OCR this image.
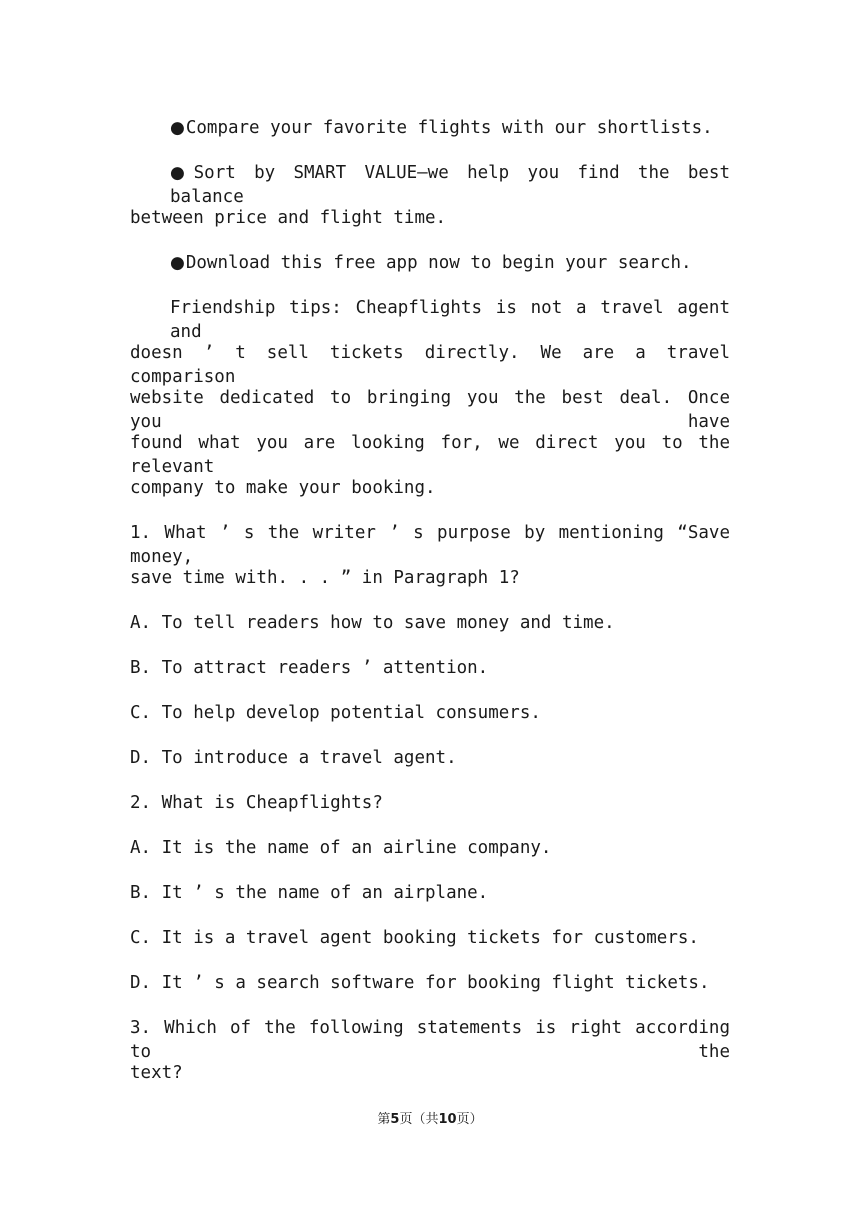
●Compare your favorite flights with our shortlists.
●Sort by SMART VALUE—we help you find the best balance
between price and flight time.
●Download this free app now to begin your search.
Friendship tips: Cheapflights is not a travel agent and
doesn ’ t sell tickets directly. We are a travel comparison
website dedicated to bringing you the best deal. Once you have
found what you are looking for, we direct you to the relevant
company to make your booking.
1. What ’ s the writer ’ s purpose by mentioning “Save money,
save time with. . . ” in Paragraph 1?
A. To tell readers how to save money and time.
B. To attract readers ’ attention.
C. To help develop potential consumers.
D. To introduce a travel agent.
2. What is Cheapflights?
A. It is the name of an airline company.
B. It ’ s the name of an airplane.
C. It is a travel agent booking tickets for customers.
D. It ’ s a search software for booking flight tickets.
3. Which of the following statements is right according to the
text?
第5页（共10页）
